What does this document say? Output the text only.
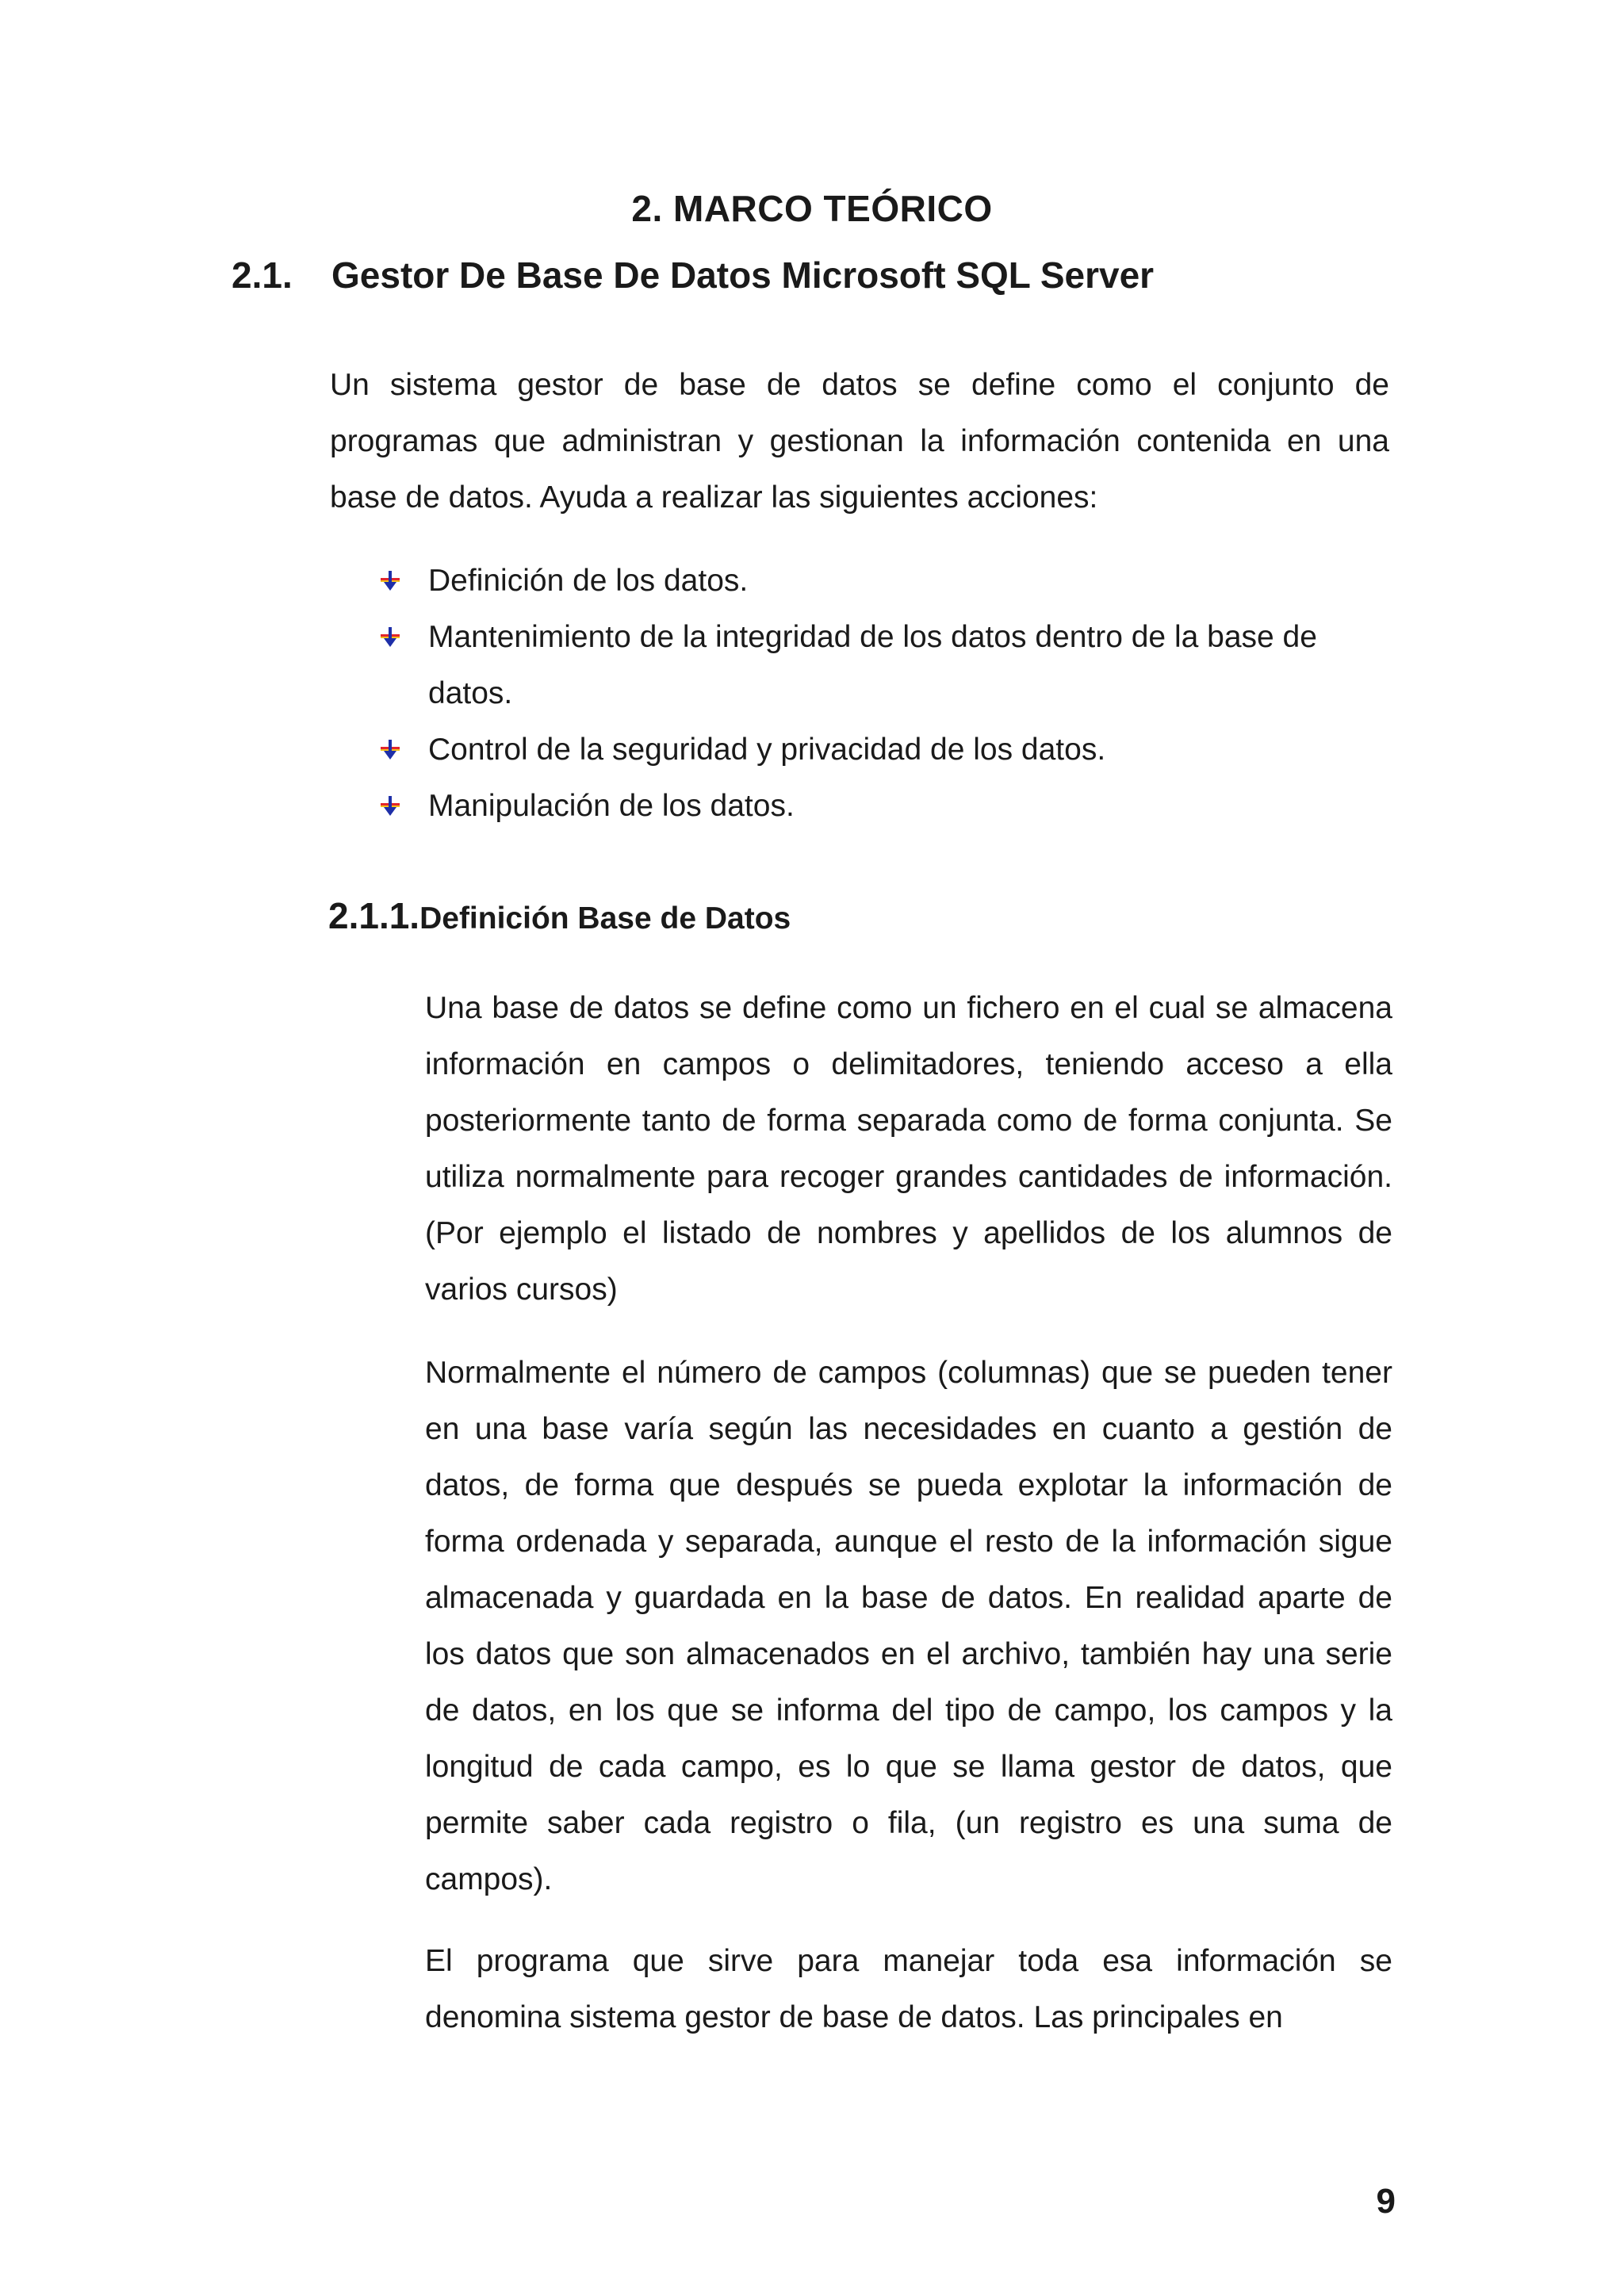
2. MARCO TEÓRICO
2.1. Gestor De Base De Datos Microsoft SQL Server

Un sistema gestor de base de datos se define como el conjunto de programas que administran y gestionan la información contenida en una base de datos. Ayuda a realizar las siguientes acciones:

Definición de los datos.
Mantenimiento de la integridad de los datos dentro de la base de datos.
Control de la seguridad y privacidad de los datos.
Manipulación de los datos.
2.1.1.Definición Base de Datos

Una base de datos se define como un fichero en el cual se almacena información en campos o delimitadores, teniendo acceso a ella posteriormente tanto de forma separada como de forma conjunta. Se utiliza normalmente para recoger grandes cantidades de información. (Por ejemplo el listado de nombres y apellidos de los alumnos de varios cursos)

Normalmente el número de campos (columnas) que se pueden tener en una base varía según las necesidades en cuanto a gestión de datos, de forma que después se pueda explotar la información de forma ordenada y separada, aunque el resto de la información sigue almacenada y guardada en la base de datos. En realidad aparte de los datos que son almacenados en el archivo, también hay una serie de datos, en los que se informa del tipo de campo, los campos y la longitud de cada campo, es lo que se llama gestor de datos, que permite saber cada registro o fila, (un registro es una suma de campos).

El programa que sirve para manejar toda esa información se denomina sistema gestor de base de datos. Las principales en

9
